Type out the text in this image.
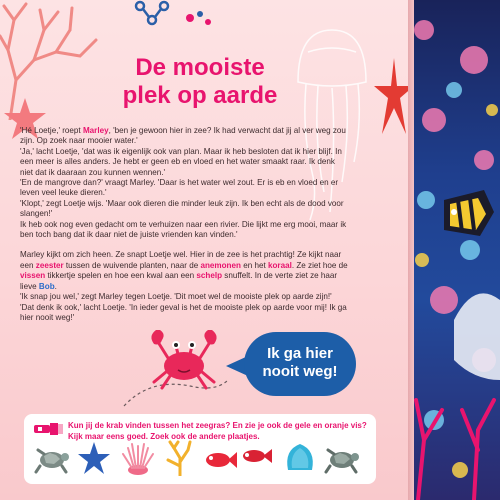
De mooiste
plek op aarde

'Hé Loetje,' roept Marley, 'ben je gewoon hier in zee? Ik had verwacht dat jij al ver weg zou zijn. Op zoek naar mooier water.'
'Ja,' lacht Loetje, 'dat was ik eigenlijk ook van plan. Maar ik heb besloten dat ik hier blijf. In een meer is alles anders. Je hebt er geen eb en vloed en het water smaakt raar. Ik denk niet dat ik daaraan zou kunnen wennen.'
'En de mangrove dan?' vraagt Marley. 'Daar is het water wel zout. Er is eb en vloed en er leven veel leuke dieren.'
'Klopt,' zegt Loetje wijs. 'Maar ook dieren die minder leuk zijn. Ik ben echt als de dood voor slangen!'
Ik heb ook nog even gedacht om te verhuizen naar een rivier. Die lijkt me erg mooi, maar ik ben toch bang dat ik daar niet de juiste vrienden kan vinden.'

Marley kijkt om zich heen. Ze snapt Loetje wel. Hier in de zee is het prachtig! Ze kijkt naar een zeester tussen de wuivende planten, naar de anemonen en het koraal. Ze ziet hoe de vissen tikkertje spelen en hoe een kwal aan een schelp snuffelt. In de verte ziet ze haar lieve Bob.
'Ik snap jou wel,' zegt Marley tegen Loetje. 'Dit moet wel de mooiste plek op aarde zijn!'
'Dat denk ik ook,' lacht Loetje. 'In ieder geval is het de mooiste plek op aarde voor mij! Ik ga hier nooit weg!'

Ik ga hier
nooit weg!
Kun jij de krab vinden tussen het zeegras? En zie je ook de gele en oranje vis?
Kijk maar eens goed. Zoek ook de andere plaatjes.
